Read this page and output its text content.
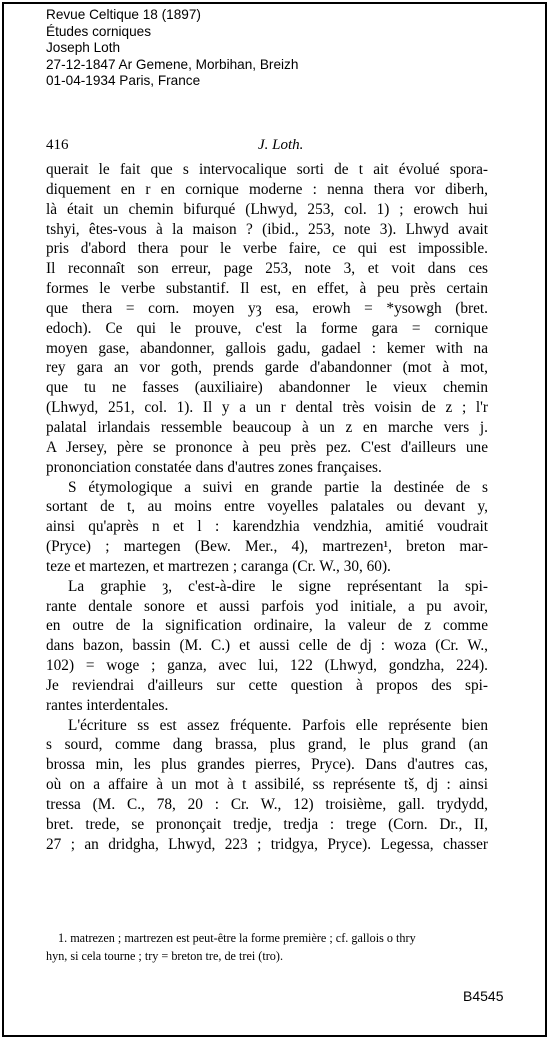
Revue Celtique 18 (1897)
Études corniques
Joseph Loth
27-12-1847 Ar Gemene, Morbihan, Breizh
01-04-1934 Paris, France
416	J. Loth.
querait le fait que s intervocalique sorti de t ait évolué spora-
diquement en r en cornique moderne : nenna thera vor diberh,
là était un chemin bifurqué (Lhwyd, 253, col. 1) ; erowch hui
tshyi, êtes-vous à la maison ? (ibid., 253, note 3). Lhwyd avait
pris d'abord thera pour le verbe faire, ce qui est impossible.
Il reconnaît son erreur, page 253, note 3, et voit dans ces
formes le verbe substantif. Il est, en effet, à peu près certain
que thera = corn. moyen yȝ esa, erowh = *ysowgh (bret.
edoch). Ce qui le prouve, c'est la forme gara = cornique
moyen gase, abandonner, gallois gadu, gadael : kemer with na
rey gara an vor goth, prends garde d'abandonner (mot à mot,
que tu ne fasses (auxiliaire) abandonner le vieux chemin
(Lhwyd, 251, col. 1). Il y a un r dental très voisin de z ; l'r
palatal irlandais ressemble beaucoup à un z en marche vers j.
A Jersey, père se prononce à peu près pez. C'est d'ailleurs une
prononciation constatée dans d'autres zones françaises.
S étymologique a suivi en grande partie la destinée de s
sortant de t, au moins entre voyelles palatales ou devant y,
ainsi qu'après n et l : karendzhia vendzhia, amitié voudrait
(Pryce) ; martegen (Bew. Mer., 4), martrezen¹, breton mar-
teze et martezen, et martrezen ; caranga (Cr. W., 30, 60).
La graphie ȝ, c'est-à-dire le signe représentant la spi-
rante dentale sonore et aussi parfois yod initiale, a pu avoir,
en outre de la signification ordinaire, la valeur de z comme
dans bazon, bassin (M. C.) et aussi celle de dj : woza (Cr. W.,
102) = woge ; ganza, avec lui, 122 (Lhwyd, gondzha, 224).
Je reviendrai d'ailleurs sur cette question à propos des spi-
rantes interdentales.
L'écriture ss est assez fréquente. Parfois elle représente bien
s sourd, comme dang brassa, plus grand, le plus grand (an
brossa min, les plus grandes pierres, Pryce). Dans d'autres cas,
où on a affaire à un mot à t assibilé, ss représente tš, dj : ainsi
tressa (M. C., 78, 20 : Cr. W., 12) troisième, gall. trydydd,
bret. trede, se prononçait tredje, tredja : trege (Corn. Dr., II,
27 ; an dridgha, Lhwyd, 223 ; tridgya, Pryce). Legessa, chasser
1. matrezen ; martrezen est peut-être la forme première ; cf. gallois o thry
hyn, si cela tourne ; try = breton tre, de trei (tro).
B4545
